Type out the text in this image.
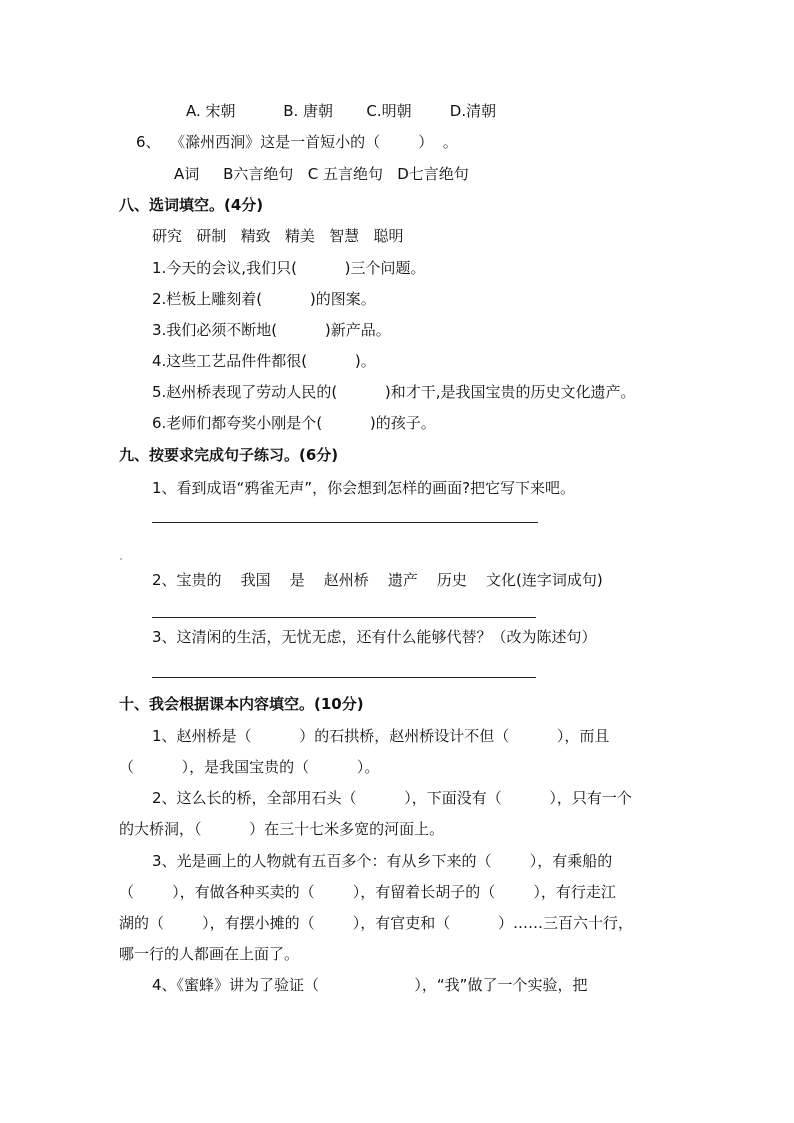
A. 宋朝          B. 唐朝       C.明朝        D.清朝
6、  《滁州西涧》这是一首短小的（        ）  。
A词     B六言绝句   C 五言绝句   D七言绝句
八、选词填空。(4分)
研究   研制   精致   精美   智慧   聪明
1.今天的会议,我们只(          )三个问题。
2.栏板上雕刻着(          )的图案。
3.我们必须不断地(          )新产品。
4.这些工艺品件件都很(          )。
5.赵州桥表现了劳动人民的(          )和才干,是我国宝贵的历史文化遗产。
6.老师们都夸奖小刚是个(          )的孩子。
九、按要求完成句子练习。(6分)
1、看到成语“鸦雀无声”，你会想到怎样的画面?把它写下来吧。
2、宝贵的    我国    是    赵州桥    遗产    历史    文化(连字词成句)
3、这清闲的生活，无忧无虑，还有什么能够代替？（改为陈述句）
十、我会根据课本内容填空。(10分)
1、赵州桥是（          ）的石拱桥，赵州桥设计不但（          ），而且
（          ），是我国宝贵的（          ）。
2、这么长的桥，全部用石头（          ），下面没有（          ），只有一个
的大桥洞，（          ）在三十七米多宽的河面上。
3、光是画上的人物就有五百多个：有从乡下来的（        ），有乘船的
（        ），有做各种买卖的（        ），有留着长胡子的（        ），有行走江
湖的（        ），有摆小摊的（        ），有官吏和（          ）……三百六十行，
哪一行的人都画在上面了。
4、《蜜蜂》讲为了验证（                    ），“我”做了一个实验，把
